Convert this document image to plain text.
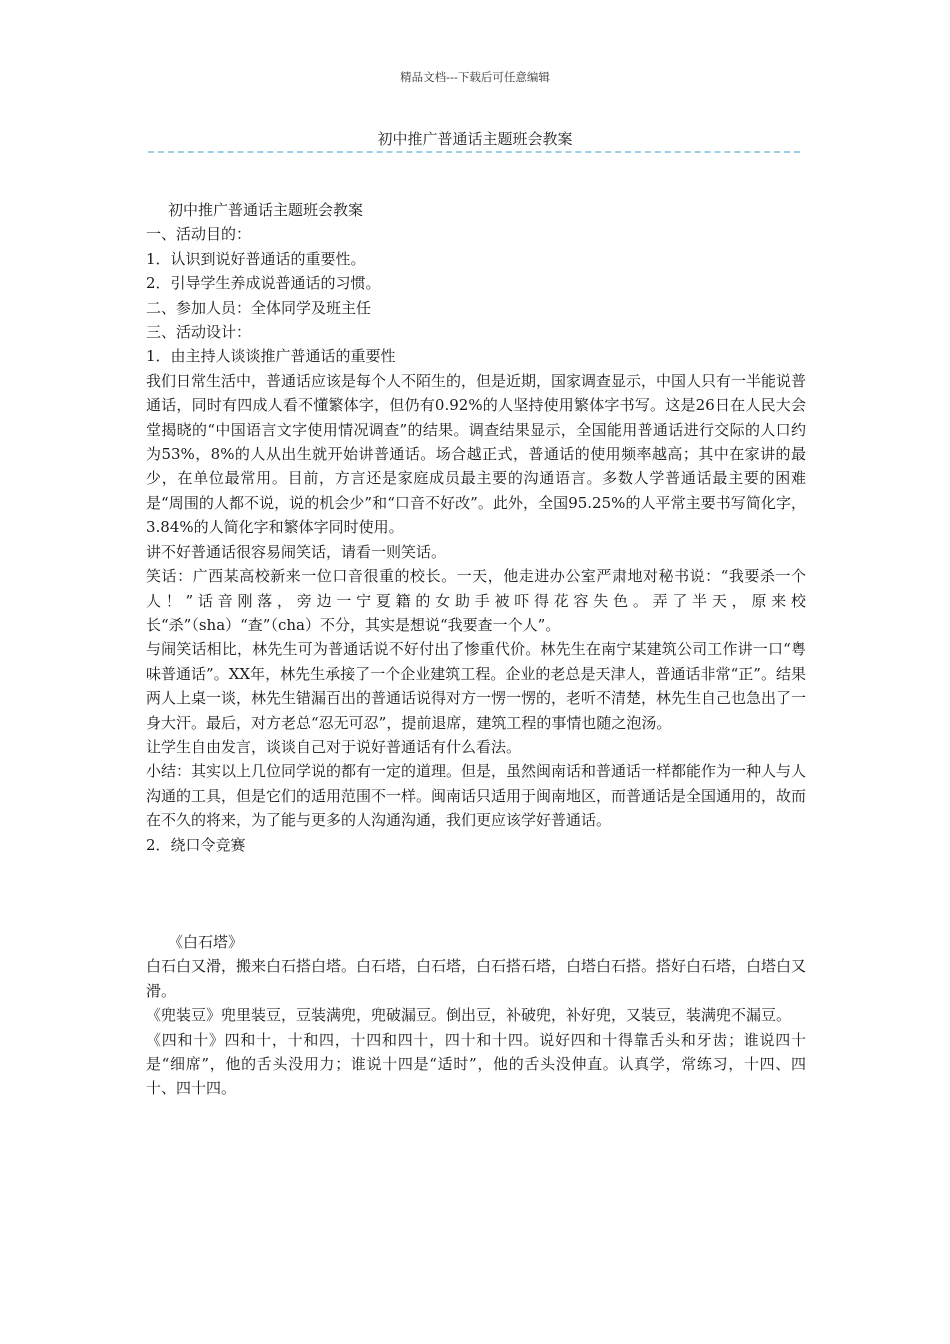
精品文档---下载后可任意编辑
初中推广普通话主题班会教案

初中推广普通话主题班会教案

一、活动目的：

1．认识到说好普通话的重要性。

2．引导学生养成说普通话的习惯。

二、参加人员：全体同学及班主任

三、活动设计：

1．由主持人谈谈推广普通话的重要性

我们日常生活中，普通话应该是每个人不陌生的，但是近期，国家调查显示，中国人只有一半能说普通话，同时有四成人看不懂繁体字，但仍有0.92%的人坚持使用繁体字书写。这是26日在人民大会堂揭晓的“中国语言文字使用情况调查”的结果。调查结果显示，全国能用普通话进行交际的人口约为53%，8%的人从出生就开始讲普通话。场合越正式，普通话的使用频率越高；其中在家讲的最少，在单位最常用。目前，方言还是家庭成员最主要的沟通语言。多数人学普通话最主要的困难是“周围的人都不说，说的机会少”和“口音不好改”。此外，全国95.25%的人平常主要书写简化字，3.84%的人简化字和繁体字同时使用。

讲不好普通话很容易闹笑话，请看一则笑话。

笑话：广西某高校新来一位口音很重的校长。一天，他走进办公室严肃地对秘书说：“我要杀一个人！”话音刚落，旁边一宁夏籍的女助手被吓得花容失色。弄了半天，原来校长“杀”（sha）“查”（cha）不分，其实是想说“我要查一个人”。

与闹笑话相比，林先生可为普通话说不好付出了惨重代价。林先生在南宁某建筑公司工作讲一口“粤味普通话”。XX年，林先生承接了一个企业建筑工程。企业的老总是天津人，普通话非常“正”。结果两人上桌一谈，林先生错漏百出的普通话说得对方一愣一愣的，老听不清楚，林先生自己也急出了一身大汗。最后，对方老总“忍无可忍”，提前退席，建筑工程的事情也随之泡汤。

让学生自由发言，谈谈自己对于说好普通话有什么看法。

小结：其实以上几位同学说的都有一定的道理。但是，虽然闽南话和普通话一样都能作为一种人与人沟通的工具，但是它们的适用范围不一样。闽南话只适用于闽南地区，而普通话是全国通用的，故而在不久的将来，为了能与更多的人沟通沟通，我们更应该学好普通话。

2．绕口令竞赛

《白石塔》

白石白又滑，搬来白石搭白塔。白石塔，白石塔，白石搭石塔，白塔白石搭。搭好白石塔，白塔白又滑。

《兜装豆》兜里装豆，豆装满兜，兜破漏豆。倒出豆，补破兜，补好兜，又装豆，装满兜不漏豆。

《四和十》四和十，十和四，十四和四十，四十和十四。说好四和十得靠舌头和牙齿；谁说四十是“细席”，他的舌头没用力；谁说十四是“适时”，他的舌头没伸直。认真学，常练习，十四、四十、四十四。
